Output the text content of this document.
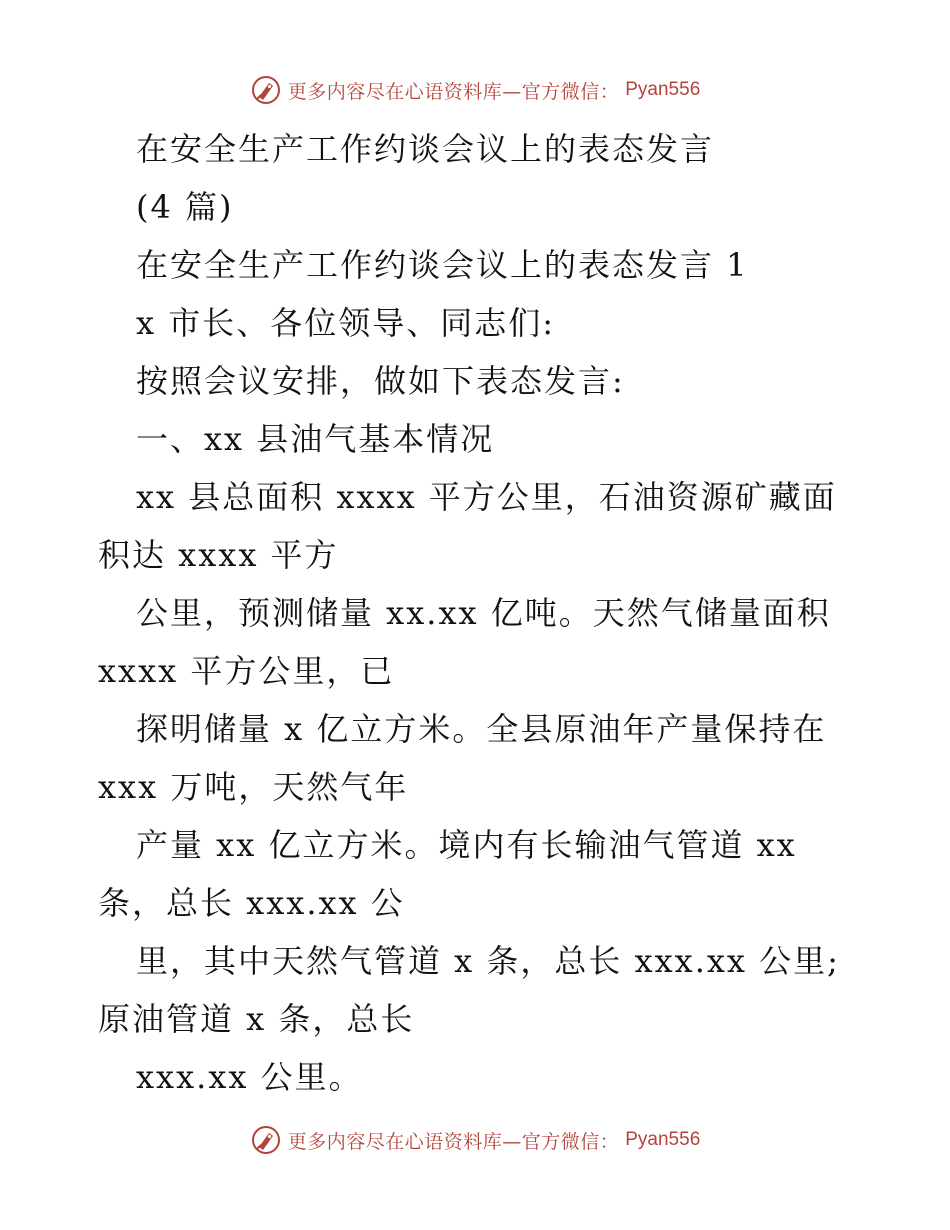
更多内容尽在心语资料库—官方微信： Pyan556
在安全生产工作约谈会议上的表态发言
(4 篇)
在安全生产工作约谈会议上的表态发言 1
x 市长、各位领导、同志们:
按照会议安排，做如下表态发言:
一、xx 县油气基本情况
xx 县总面积 xxxx 平方公里，石油资源矿藏面
积达 xxxx 平方
公里，预测储量 xx.xx 亿吨。天然气储量面积
xxxx 平方公里，已
探明储量 x 亿立方米。全县原油年产量保持在
xxx 万吨，天然气年
产量 xx 亿立方米。境内有长输油气管道 xx
条，总长 xxx.xx 公
里，其中天然气管道 x 条，总长 xxx.xx 公里;
原油管道 x 条，总长
xxx.xx 公里。
更多内容尽在心语资料库—官方微信： Pyan556
